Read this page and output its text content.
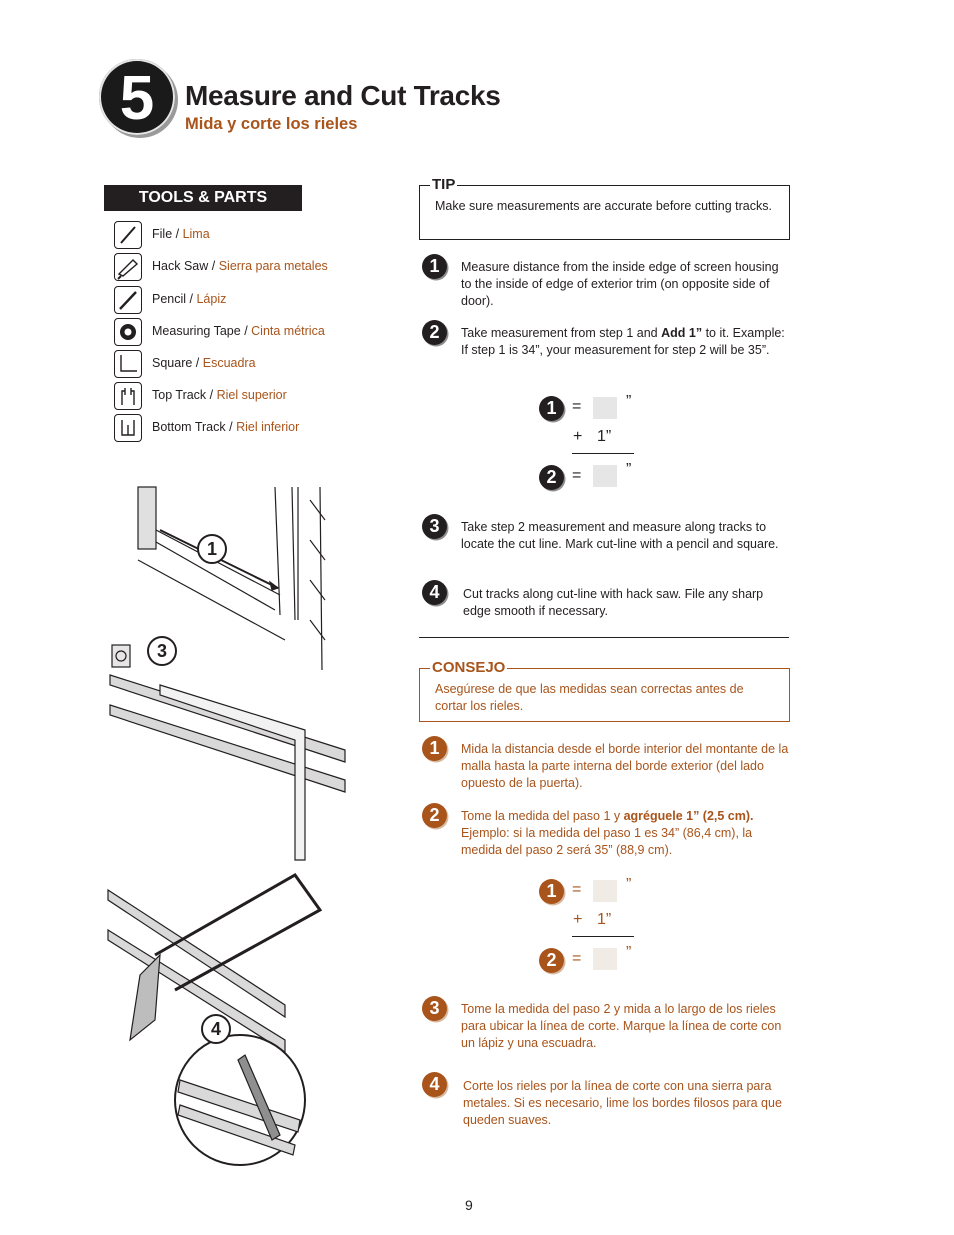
5	Measure and Cut Tracks
Mida y corte los rieles
TOOLS & PARTS
File / Lima
Hack Saw / Sierra para metales
Pencil / Lápiz
Measuring Tape / Cinta métrica
Square / Escuadra
Top Track / Riel superior
Bottom Track / Riel inferior
1
3
4
TIP
Make sure measurements are accurate before cutting tracks.
1	Measure distance from the inside edge of screen housing to the inside of edge of exterior trim (on opposite side of door).
2	Take measurement from step 1 and Add 1” to it. Example: If step 1 is 34”, your measurement for step 2 will be 35”.
1 =	”
+ 1”
2 =	”
3	Take step 2 measurement and measure along tracks to locate the cut line. Mark cut-line with a pencil and square.
4	Cut tracks along cut-line with hack saw. File any sharp edge smooth if necessary.
CONSEJO
Asegúrese de que las medidas sean correctas antes de cortar los rieles.
1	Mida la distancia desde el borde interior del montante de la malla hasta la parte interna del borde exterior (del lado opuesto de la puerta).
2	Tome la medida del paso 1 y agréguele 1” (2,5 cm). Ejemplo: si la medida del paso 1 es 34” (86,4 cm), la medida del paso 2 será 35” (88,9 cm).
1 =	”
+ 1”
2 =	”
3	Tome la medida del paso 2 y mida a lo largo de los rieles para ubicar la línea de corte. Marque la línea de corte con un lápiz y una escuadra.
4	Corte los rieles por la línea de corte con una sierra para metales. Si es necesario, lime los bordes filosos para que queden suaves.
9
